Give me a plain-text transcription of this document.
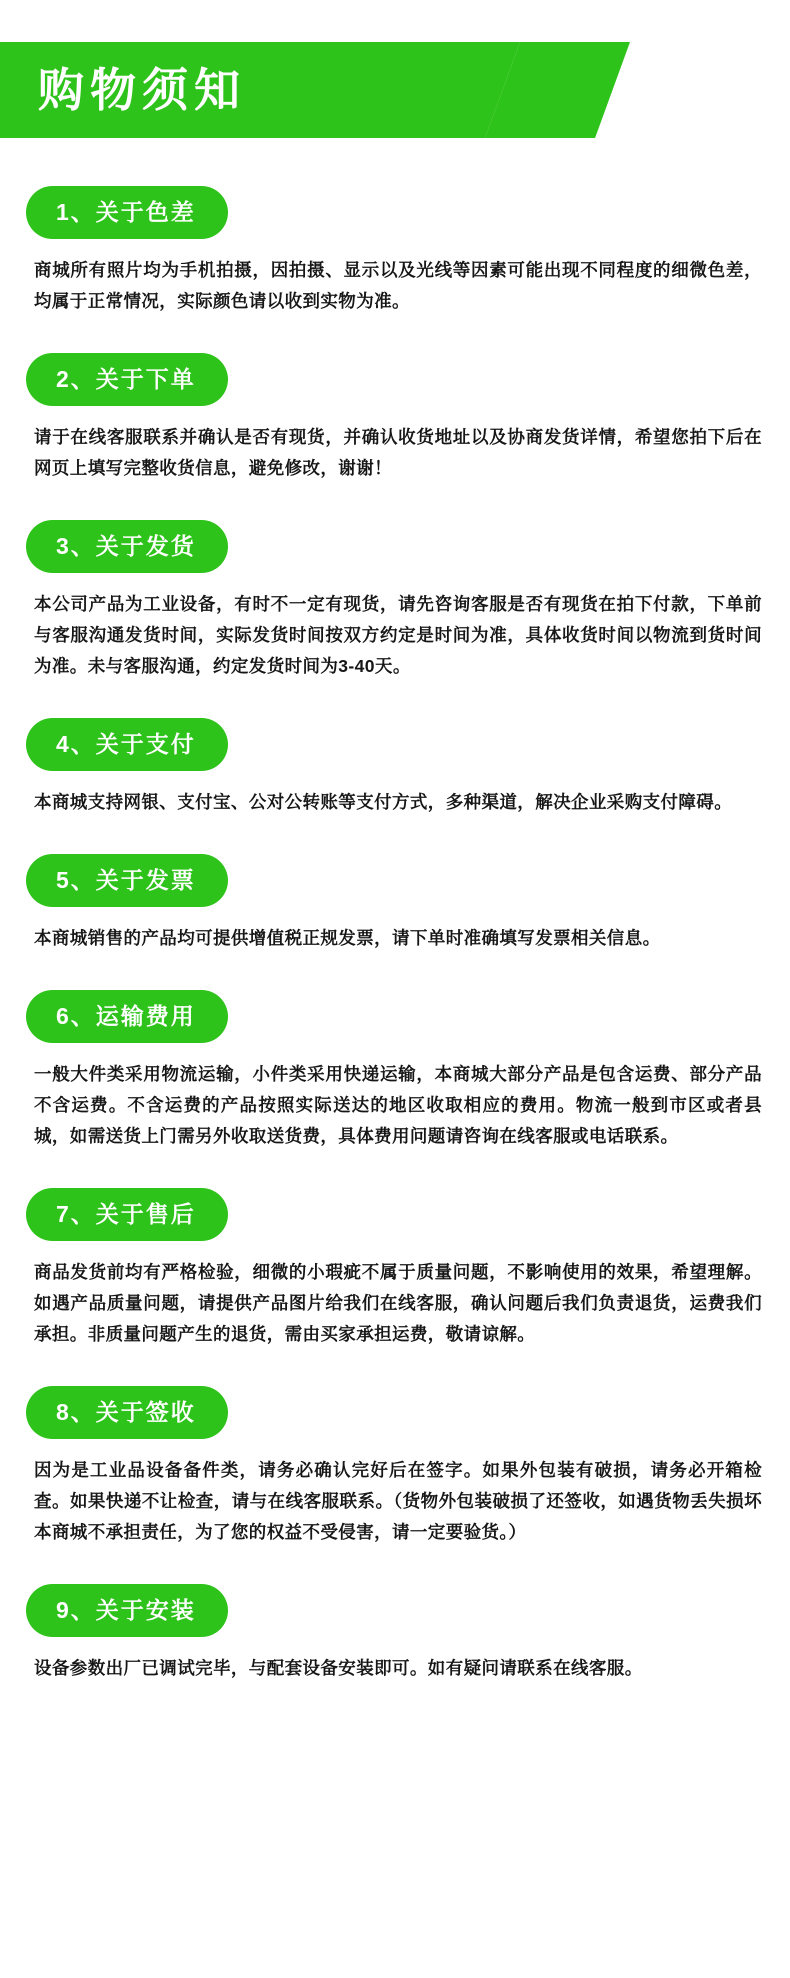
购物须知
1、关于色差
商城所有照片均为手机拍摄，因拍摄、显示以及光线等因素可能出现不同程度的细微色差，均属于正常情况，实际颜色请以收到实物为准。
2、关于下单
请于在线客服联系并确认是否有现货，并确认收货地址以及协商发货详情，希望您拍下后在网页上填写完整收货信息，避免修改，谢谢！
3、关于发货
本公司产品为工业设备，有时不一定有现货，请先咨询客服是否有现货在拍下付款，下单前与客服沟通发货时间，实际发货时间按双方约定是时间为准，具体收货时间以物流到货时间为准。未与客服沟通，约定发货时间为3-40天。
4、关于支付
本商城支持网银、支付宝、公对公转账等支付方式，多种渠道，解决企业采购支付障碍。
5、关于发票
本商城销售的产品均可提供增值税正规发票，请下单时准确填写发票相关信息。
6、运输费用
一般大件类采用物流运输，小件类采用快递运输，本商城大部分产品是包含运费、部分产品不含运费。不含运费的产品按照实际送达的地区收取相应的费用。物流一般到市区或者县城，如需送货上门需另外收取送货费，具体费用问题请咨询在线客服或电话联系。
7、关于售后
商品发货前均有严格检验，细微的小瑕疵不属于质量问题，不影响使用的效果，希望理解。如遇产品质量问题，请提供产品图片给我们在线客服，确认问题后我们负责退货，运费我们承担。非质量问题产生的退货，需由买家承担运费，敬请谅解。
8、关于签收
因为是工业品设备备件类，请务必确认完好后在签字。如果外包装有破损，请务必开箱检查。如果快递不让检查，请与在线客服联系。（货物外包装破损了还签收，如遇货物丢失损坏本商城不承担责任，为了您的权益不受侵害，请一定要验货。）
9、关于安装
设备参数出厂已调试完毕，与配套设备安装即可。如有疑问请联系在线客服。
